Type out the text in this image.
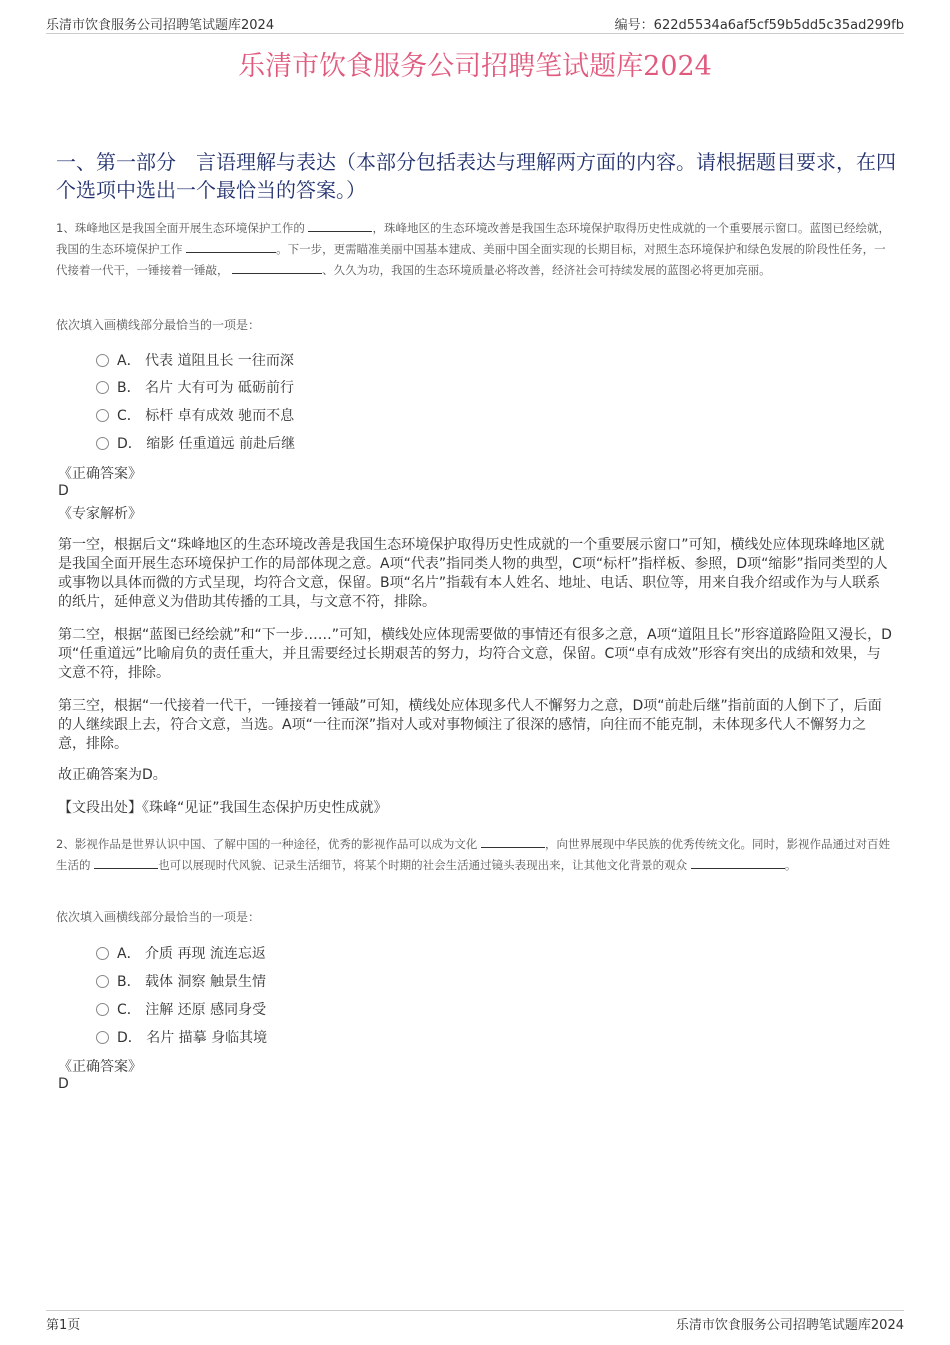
乐清市饮食服务公司招聘笔试题库2024	编号：622d5534a6af5cf59b5dd5c35ad299fb
乐清市饮食服务公司招聘笔试题库2024
一、第一部分　言语理解与表达（本部分包括表达与理解两方面的内容。请根据题目要求，在四个选项中选出一个最恰当的答案。）
1、珠峰地区是我国全面开展生态环境保护工作的	，珠峰地区的生态环境改善是我国生态环境保护取得历史性成就的一个重要展示窗口。蓝图已经绘就，我国的生态环境保护工作	。下一步，更需瞄准美丽中国基本建成、美丽中国全面实现的长期目标，对照生态环境保护和绿色发展的阶段性任务，一代接着一代干，一锤接着一锤敲，	、久久为功，我国的生态环境质量必将改善，经济社会可持续发展的蓝图必将更加亮丽。
依次填入画横线部分最恰当的一项是：
A． 代表 道阻且长 一往而深
B． 名片 大有可为 砥砺前行
C． 标杆 卓有成效 驰而不息
D． 缩影 任重道远 前赴后继
《正确答案》
D
《专家解析》
第一空，根据后文“珠峰地区的生态环境改善是我国生态环境保护取得历史性成就的一个重要展示窗口”可知，横线处应体现珠峰地区就是我国全面开展生态环境保护工作的局部体现之意。A项“代表”指同类人物的典型，C项“标杆”指样板、参照，D项“缩影”指同类型的人或事物以具体而微的方式呈现，均符合文意，保留。B项“名片”指载有本人姓名、地址、电话、职位等，用来自我介绍或作为与人联系的纸片，延伸意义为借助其传播的工具，与文意不符，排除。
第二空，根据“蓝图已经绘就”和“下一步……”可知，横线处应体现需要做的事情还有很多之意，A项“道阻且长”形容道路险阻又漫长，D项“任重道远”比喻肩负的责任重大，并且需要经过长期艰苦的努力，均符合文意，保留。C项“卓有成效”形容有突出的成绩和效果，与文意不符，排除。
第三空，根据“一代接着一代干，一锤接着一锤敲”可知，横线处应体现多代人不懈努力之意，D项“前赴后继”指前面的人倒下了，后面的人继续跟上去，符合文意，当选。A项“一往而深”指对人或对事物倾注了很深的感情，向往而不能克制，未体现多代人不懈努力之意，排除。
故正确答案为D。
【文段出处】《珠峰“见证”我国生态保护历史性成就》
2、影视作品是世界认识中国、了解中国的一种途径，优秀的影视作品可以成为文化	，向世界展现中华民族的优秀传统文化。同时，影视作品通过对百姓生活的	也可以展现时代风貌、记录生活细节，将某个时期的社会生活通过镜头表现出来，让其他文化背景的观众	。
依次填入画横线部分最恰当的一项是：
A． 介质 再现 流连忘返
B． 载体 洞察 触景生情
C． 注解 还原 感同身受
D． 名片 描摹 身临其境
《正确答案》
D
第1页	乐清市饮食服务公司招聘笔试题库2024
